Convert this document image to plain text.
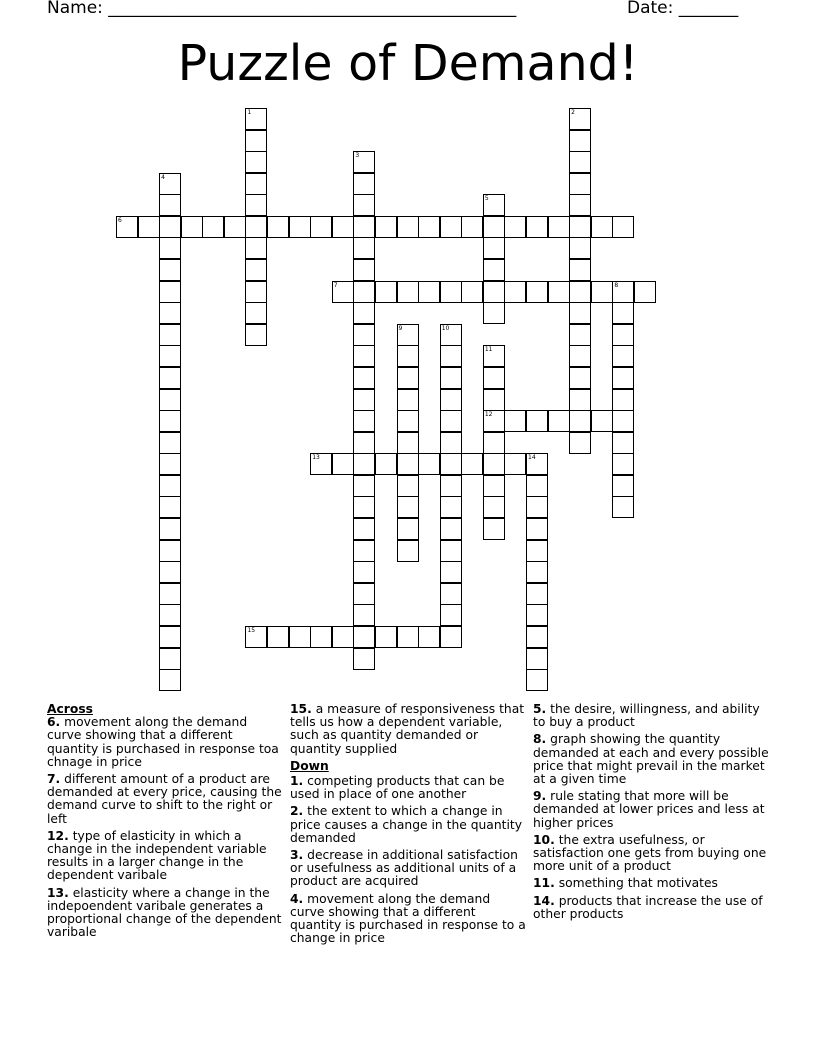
Name: ________________________________________________	Date: _______
Puzzle of Demand!
6
7
12
13
15
1	2
3
4
5
8
9	10
11
14
Across
6. movement along the demand curve showing that a different quantity is purchased in response toa chnage in price
7. different amount of a product are demanded at every price, causing the demand curve to shift to the right or left
12. type of elasticity in which a change in the independent variable results in a larger change in the dependent varibale
13. elasticity where a change in the indepoendent varibale generates a proportional change of the dependent varibale
15. a measure of responsiveness that tells us how a dependent variable, such as quantity demanded or quantity supplied
Down
1. competing products that can be used in place of one another
2. the extent to which a change in price causes a change in the quantity demanded
3. decrease in additional satisfaction or usefulness as additional units of a product are acquired
4. movement along the demand curve showing that a different quantity is purchased in response to a change in price
5. the desire, willingness, and ability to buy a product
8. graph showing the quantity demanded at each and every possible price that might prevail in the market at a given time
9. rule stating that more will be demanded at lower prices and less at higher prices
10. the extra usefulness, or satisfaction one gets from buying one more unit of a product
11. something that motivates
14. products that increase the use of other products
